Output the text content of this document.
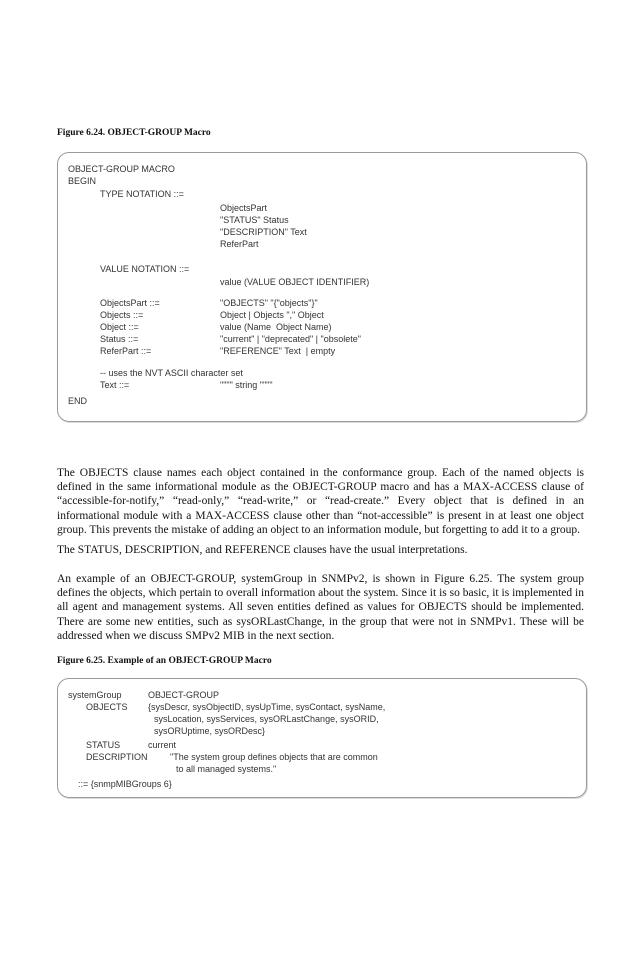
Figure 6.24. OBJECT-GROUP Macro
OBJECT-GROUP MACRO
BEGIN
TYPE NOTATION ::=
ObjectsPart
"STATUS" Status
"DESCRIPTION" Text
ReferPart
VALUE NOTATION ::=
value (VALUE OBJECT IDENTIFIER)
ObjectsPart ::=	"OBJECTS" "{"objects"}"
Objects ::=	Object | Objects "," Object
Object ::=	value (Name  Object Name)
Status ::=	"current" | "deprecated" | "obsolete"
ReferPart ::=	"REFERENCE" Text  | empty
-- uses the NVT ASCII character set
Text ::=	"""" string """"
END
The OBJECTS clause names each object contained in the conformance group. Each of the named objects is defined in the same informational module as the OBJECT-GROUP macro and has a MAX-ACCESS clause of “accessible-for-notify,” “read-only,” “read-write,” or “read-create.” Every object that is defined in an informational module with a MAX-ACCESS clause other than “not-accessible” is present in at least one object group. This prevents the mistake of adding an object to an information module, but forgetting to add it to a group.
The STATUS, DESCRIPTION, and REFERENCE clauses have the usual interpretations.
An example of an OBJECT-GROUP, systemGroup in SNMPv2, is shown in Figure 6.25. The system group defines the objects, which pertain to overall information about the system. Since it is so basic, it is implemented in all agent and management systems. All seven entities defined as values for OBJECTS should be implemented. There are some new entities, such as sysORLastChange, in the group that were not in SNMPv1. These will be addressed when we discuss SMPv2 MIB in the next section.
Figure 6.25. Example of an OBJECT-GROUP Macro
systemGroup	OBJECT-GROUP
OBJECTS {sysDescr, sysObjectID, sysUpTime, sysContact, sysName,
sysLocation, sysServices, sysORLastChange, sysORID,
sysORUptime, sysORDesc}
STATUS	current
DESCRIPTION "The system group defines objects that are common
to all managed systems."
::= {snmpMIBGroups 6}
